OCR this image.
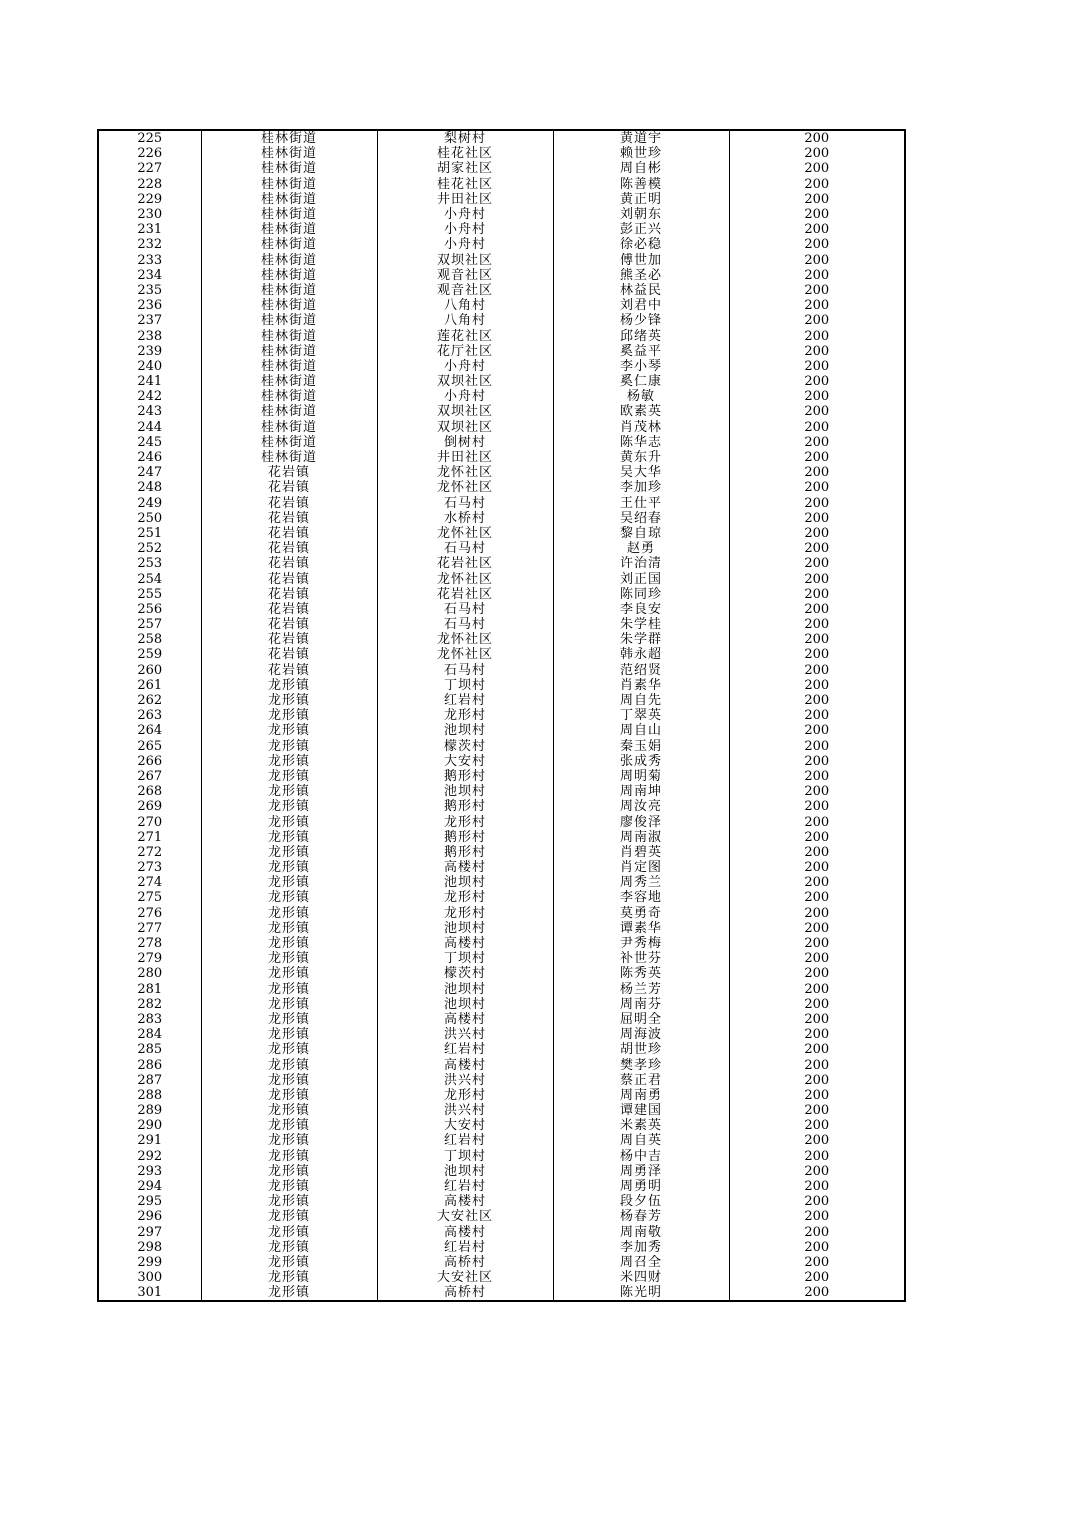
225	桂林街道	梨树村	黄道宇	200
226	桂林街道	桂花社区	赖世珍	200
227	桂林街道	胡家社区	周自彬	200
228	桂林街道	桂花社区	陈善模	200
229	桂林街道	井田社区	黄正明	200
230	桂林街道	小舟村	刘朝东	200
231	桂林街道	小舟村	彭正兴	200
232	桂林街道	小舟村	徐必稳	200
233	桂林街道	双坝社区	傅世加	200
234	桂林街道	观音社区	熊圣必	200
235	桂林街道	观音社区	林益民	200
236	桂林街道	八角村	刘君中	200
237	桂林街道	八角村	杨少锋	200
238	桂林街道	莲花社区	邱绪英	200
239	桂林街道	花厅社区	奚益平	200
240	桂林街道	小舟村	李小琴	200
241	桂林街道	双坝社区	奚仁康	200
242	桂林街道	小舟村	杨敏	200
243	桂林街道	双坝社区	欧素英	200
244	桂林街道	双坝社区	肖茂林	200
245	桂林街道	倒树村	陈华志	200
246	桂林街道	井田社区	黄东升	200
247	花岩镇	龙怀社区	吴大华	200
248	花岩镇	龙怀社区	李加珍	200
249	花岩镇	石马村	王仕平	200
250	花岩镇	水桥村	吴绍春	200
251	花岩镇	龙怀社区	黎自琼	200
252	花岩镇	石马村	赵勇	200
253	花岩镇	花岩社区	许治清	200
254	花岩镇	龙怀社区	刘正国	200
255	花岩镇	花岩社区	陈同珍	200
256	花岩镇	石马村	李良安	200
257	花岩镇	石马村	朱学桂	200
258	花岩镇	龙怀社区	朱学群	200
259	花岩镇	龙怀社区	韩永超	200
260	花岩镇	石马村	范绍贤	200
261	龙形镇	丁坝村	肖素华	200
262	龙形镇	红岩村	周自先	200
263	龙形镇	龙形村	丁翠英	200
264	龙形镇	池坝村	周自山	200
265	龙形镇	檬茨村	秦玉娟	200
266	龙形镇	大安村	张成秀	200
267	龙形镇	鹅形村	周明菊	200
268	龙形镇	池坝村	周南坤	200
269	龙形镇	鹅形村	周汝亮	200
270	龙形镇	龙形村	廖俊泽	200
271	龙形镇	鹅形村	周南淑	200
272	龙形镇	鹅形村	肖碧英	200
273	龙形镇	高楼村	肖定图	200
274	龙形镇	池坝村	周秀兰	200
275	龙形镇	龙形村	李容地	200
276	龙形镇	龙形村	莫勇奇	200
277	龙形镇	池坝村	谭素华	200
278	龙形镇	高楼村	尹秀梅	200
279	龙形镇	丁坝村	补世芬	200
280	龙形镇	檬茨村	陈秀英	200
281	龙形镇	池坝村	杨兰芳	200
282	龙形镇	池坝村	周南芬	200
283	龙形镇	高楼村	屈明全	200
284	龙形镇	洪兴村	周海波	200
285	龙形镇	红岩村	胡世珍	200
286	龙形镇	高楼村	樊孝珍	200
287	龙形镇	洪兴村	蔡正君	200
288	龙形镇	龙形村	周南勇	200
289	龙形镇	洪兴村	谭建国	200
290	龙形镇	大安村	米素英	200
291	龙形镇	红岩村	周自英	200
292	龙形镇	丁坝村	杨中吉	200
293	龙形镇	池坝村	周勇泽	200
294	龙形镇	红岩村	周勇明	200
295	龙形镇	高楼村	段夕伍	200
296	龙形镇	大安社区	杨春芳	200
297	龙形镇	高楼村	周南敬	200
298	龙形镇	红岩村	李加秀	200
299	龙形镇	高桥村	周召全	200
300	龙形镇	大安社区	米四财	200
301	龙形镇	高桥村	陈光明	200
